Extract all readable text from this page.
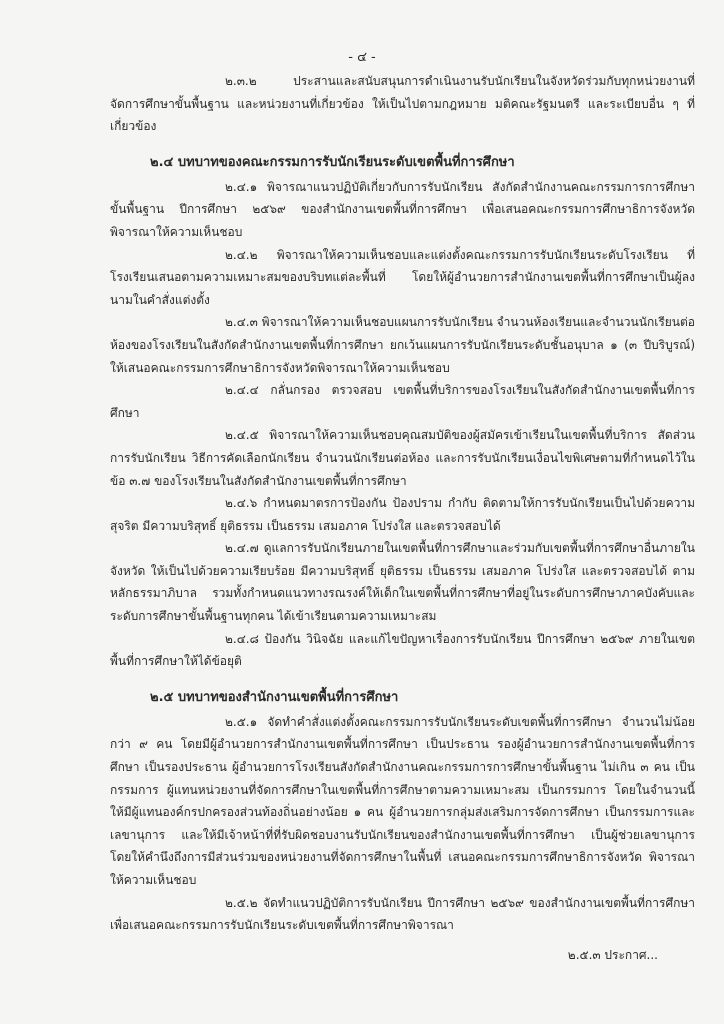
- ๔ -

๒.๓.๒ ประสานและสนับสนุนการดำเนินงานรับนักเรียนในจังหวัดร่วมกับทุกหน่วยงานที่จัดการศึกษาขั้นพื้นฐาน และหน่วยงานที่เกี่ยวข้อง ให้เป็นไปตามกฎหมาย มติคณะรัฐมนตรี และระเบียบอื่น ๆ ที่เกี่ยวข้อง

๒.๔ บทบาทของคณะกรรมการรับนักเรียนระดับเขตพื้นที่การศึกษา

๒.๔.๑ พิจารณาแนวปฏิบัติเกี่ยวกับการรับนักเรียน สังกัดสำนักงานคณะกรรมการการศึกษาขั้นพื้นฐาน ปีการศึกษา ๒๕๖๙ ของสำนักงานเขตพื้นที่การศึกษา เพื่อเสนอคณะกรรมการศึกษาธิการจังหวัด พิจารณาให้ความเห็นชอบ

๒.๔.๒ พิจารณาให้ความเห็นชอบและแต่งตั้งคณะกรรมการรับนักเรียนระดับโรงเรียน ที่โรงเรียนเสนอตามความเหมาะสมของบริบทแต่ละพื้นที่ โดยให้ผู้อำนวยการสำนักงานเขตพื้นที่การศึกษาเป็นผู้ลงนามในคำสั่งแต่งตั้ง

๒.๔.๓ พิจารณาให้ความเห็นชอบแผนการรับนักเรียน จำนวนห้องเรียนและจำนวนนักเรียนต่อห้องของโรงเรียนในสังกัดสำนักงานเขตพื้นที่การศึกษา ยกเว้นแผนการรับนักเรียนระดับชั้นอนุบาล ๑ (๓ ปีบริบูรณ์) ให้เสนอคณะกรรมการศึกษาธิการจังหวัดพิจารณาให้ความเห็นชอบ

๒.๔.๔ กลั่นกรอง ตรวจสอบ เขตพื้นที่บริการของโรงเรียนในสังกัดสำนักงานเขตพื้นที่การศึกษา

๒.๔.๕ พิจารณาให้ความเห็นชอบคุณสมบัติของผู้สมัครเข้าเรียนในเขตพื้นที่บริการ สัดส่วนการรับนักเรียน วิธีการคัดเลือกนักเรียน จำนวนนักเรียนต่อห้อง และการรับนักเรียนเงื่อนไขพิเศษตามที่กำหนดไว้ในข้อ ๓.๗ ของโรงเรียนในสังกัดสำนักงานเขตพื้นที่การศึกษา

๒.๔.๖ กำหนดมาตรการป้องกัน ป้องปราม กำกับ ติดตามให้การรับนักเรียนเป็นไปด้วยความสุจริต มีความบริสุทธิ์ ยุติธรรม เป็นธรรม เสมอภาค โปร่งใส และตรวจสอบได้

๒.๔.๗ ดูแลการรับนักเรียนภายในเขตพื้นที่การศึกษาและร่วมกับเขตพื้นที่การศึกษาอื่นภายในจังหวัด ให้เป็นไปด้วยความเรียบร้อย มีความบริสุทธิ์ ยุติธรรม เป็นธรรม เสมอภาค โปร่งใส และตรวจสอบได้ ตามหลักธรรมาภิบาล รวมทั้งกำหนดแนวทางรณรงค์ให้เด็กในเขตพื้นที่การศึกษาที่อยู่ในระดับการศึกษาภาคบังคับและระดับการศึกษาขั้นพื้นฐานทุกคน ได้เข้าเรียนตามความเหมาะสม

๒.๔.๘ ป้องกัน วินิจฉัย และแก้ไขปัญหาเรื่องการรับนักเรียน ปีการศึกษา ๒๕๖๙ ภายในเขตพื้นที่การศึกษาให้ได้ข้อยุติ

๒.๕ บทบาทของสำนักงานเขตพื้นที่การศึกษา

๒.๕.๑ จัดทำคำสั่งแต่งตั้งคณะกรรมการรับนักเรียนระดับเขตพื้นที่การศึกษา จำนวนไม่น้อยกว่า ๙ คน โดยมีผู้อำนวยการสำนักงานเขตพื้นที่การศึกษา เป็นประธาน รองผู้อำนวยการสำนักงานเขตพื้นที่การศึกษา เป็นรองประธาน ผู้อำนวยการโรงเรียนสังกัดสำนักงานคณะกรรมการการศึกษาขั้นพื้นฐาน ไม่เกิน ๓ คน เป็นกรรมการ ผู้แทนหน่วยงานที่จัดการศึกษาในเขตพื้นที่การศึกษาตามความเหมาะสม เป็นกรรมการ โดยในจำนวนนี้ให้มีผู้แทนองค์กรปกครองส่วนท้องถิ่นอย่างน้อย ๑ คน ผู้อำนวยการกลุ่มส่งเสริมการจัดการศึกษา เป็นกรรมการและเลขานุการ และให้มีเจ้าหน้าที่ที่รับผิดชอบงานรับนักเรียนของสำนักงานเขตพื้นที่การศึกษา เป็นผู้ช่วยเลขานุการ โดยให้คำนึงถึงการมีส่วนร่วมของหน่วยงานที่จัดการศึกษาในพื้นที่ เสนอคณะกรรมการศึกษาธิการจังหวัด พิจารณาให้ความเห็นชอบ

๒.๕.๒ จัดทำแนวปฏิบัติการรับนักเรียน ปีการศึกษา ๒๕๖๙ ของสำนักงานเขตพื้นที่การศึกษา เพื่อเสนอคณะกรรมการรับนักเรียนระดับเขตพื้นที่การศึกษาพิจารณา

๒.๕.๓ ประกาศ...
